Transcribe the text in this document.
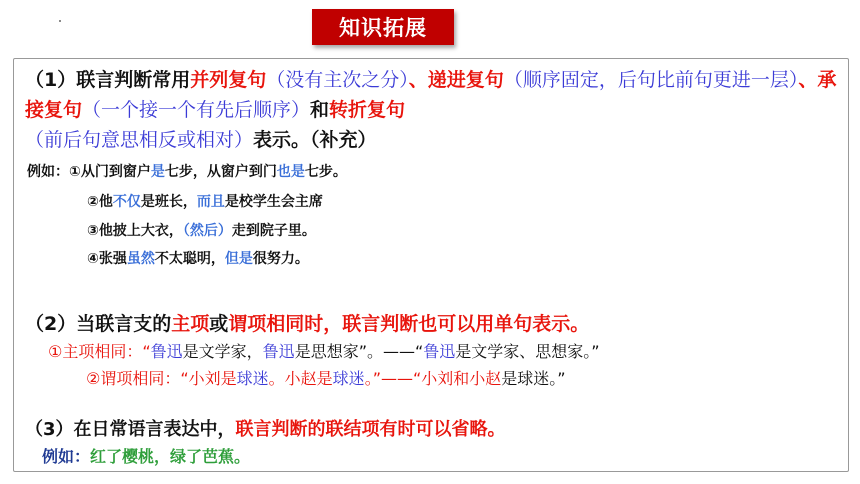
知识拓展
（1）联言判断常用并列复句（没有主次之分）、递进复句（顺序固定，后句比前句更进一层）、承接复句（一个接一个有先后顺序）和转折复句
（前后句意思相反或相对）表示。（补充）
例如：①从门到窗户是七步，从窗户到门也是七步。
②他不仅是班长，而且是校学生会主席
③他披上大衣，（然后）走到院子里。
④张强虽然不太聪明，但是很努力。
（2）当联言支的主项或谓项相同时，联言判断也可以用单句表示。
①主项相同：“鲁迅是文学家，鲁迅是思想家”。——“鲁迅是文学家、思想家。”
②谓项相同：“小刘是球迷。小赵是球迷。”——“小刘和小赵是球迷。”
（3）在日常语言表达中，联言判断的联结项有时可以省略。
例如：红了樱桃，绿了芭蕉。
